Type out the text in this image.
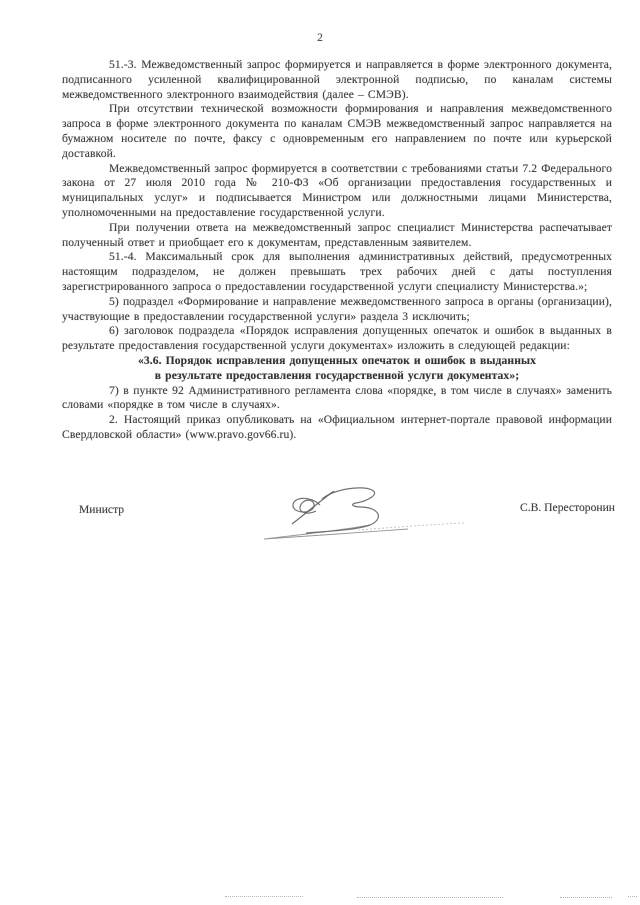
2
51.-3. Межведомственный запрос формируется и направляется в форме электронного документа, подписанного усиленной квалифицированной электронной подписью, по каналам системы межведомственного электронного взаимодействия (далее – СМЭВ).
При отсутствии технической возможности формирования и направления межведомственного запроса в форме электронного документа по каналам СМЭВ межведомственный запрос направляется на бумажном носителе по почте, факсу с одновременным его направлением по почте или курьерской доставкой.
Межведомственный запрос формируется в соответствии с требованиями статьи 7.2 Федерального закона от 27 июля 2010 года № 210-ФЗ «Об организации предоставления государственных и муниципальных услуг» и подписывается Министром или должностными лицами Министерства, уполномоченными на предоставление государственной услуги.
При получении ответа на межведомственный запрос специалист Министерства распечатывает полученный ответ и приобщает его к документам, представленным заявителем.
51.-4. Максимальный срок для выполнения административных действий, предусмотренных настоящим подразделом, не должен превышать трех рабочих дней с даты поступления зарегистрированного запроса о предоставлении государственной услуги специалисту Министерства.»;
5) подраздел «Формирование и направление межведомственного запроса в органы (организации), участвующие в предоставлении государственной услуги» раздела 3 исключить;
6) заголовок подраздела «Порядок исправления допущенных опечаток и ошибок в выданных в результате предоставления государственной услуги документах» изложить в следующей редакции:
«3.6. Порядок исправления допущенных опечаток и ошибок в выданных
в результате предоставления государственной услуги документах»;
7) в пункте 92 Административного регламента слова «порядке, в том числе в случаях» заменить словами «порядке в том числе в случаях».
2. Настоящий приказ опубликовать на «Официальном интернет-портале правовой информации Свердловской области» (www.pravo.gov66.ru).
Министр	С.В. Пересторонин
